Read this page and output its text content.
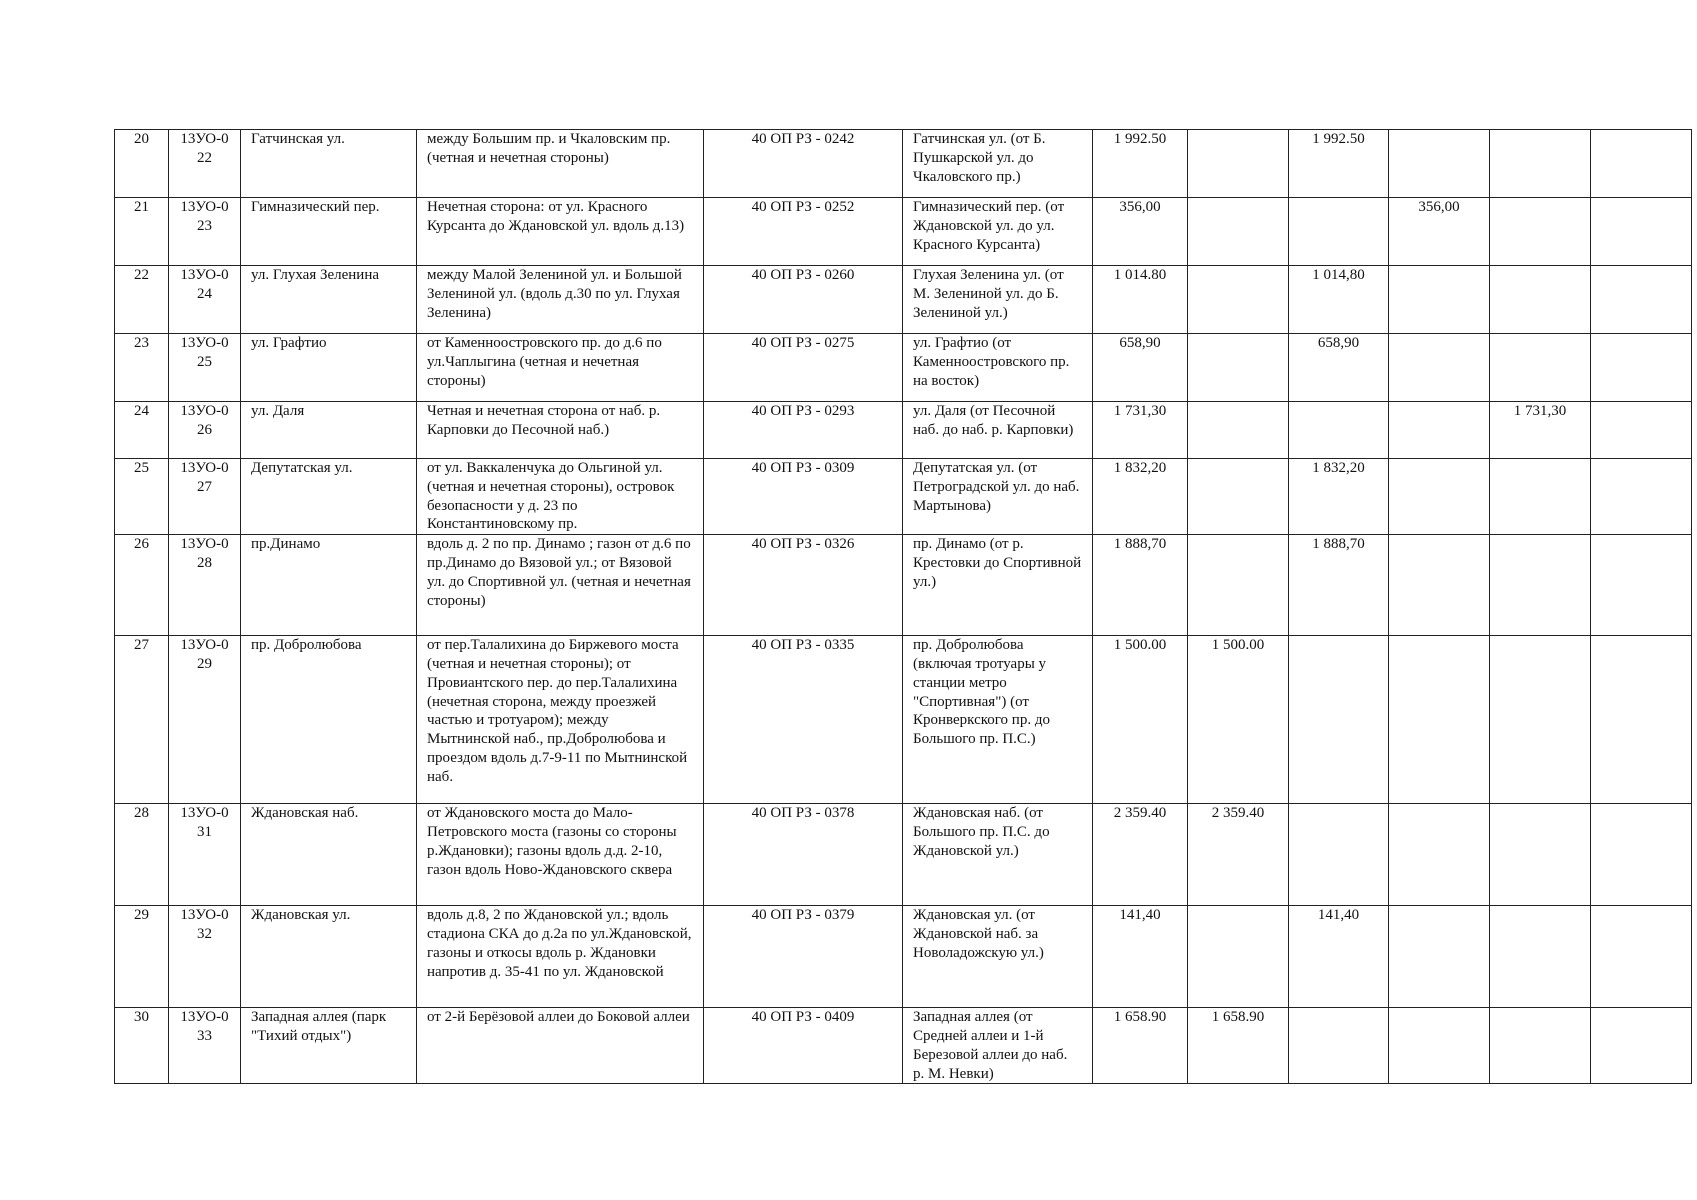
20	13УО-022	Гатчинская ул.	между Большим пр. и Чкаловским пр.(четная и нечетная стороны)	40 ОП РЗ - 0242	Гатчинская ул. (от Б. Пушкарской ул. до Чкаловского пр.)	1 992.50		1 992.50			
21	13УО-023	Гимназический пер.	Нечетная сторона: от ул. Красного Курсанта до Ждановской ул. вдоль д.13)	40 ОП РЗ - 0252	Гимназический пер. (от Ждановской ул. до ул. Красного Курсанта)	356,00			356,00		
22	13УО-024	ул. Глухая Зеленина	между Малой Зелениной ул. и Большой Зелениной ул. (вдоль д.30 по ул. Глухая Зеленина)	40 ОП РЗ - 0260	Глухая Зеленина ул. (от М. Зелениной ул. до Б. Зелениной ул.)	1 014.80		1 014,80			
23	13УО-025	ул. Графтио	от Каменноостровского пр. до д.6 по ул.Чаплыгина (четная и нечетная стороны)	40 ОП РЗ - 0275	ул. Графтио (от Каменноостровского пр. на восток)	658,90		658,90			
24	13УО-026	ул. Даля	Четная и нечетная сторона от наб. р. Карповки до Песочной наб.)	40 ОП РЗ - 0293	ул. Даля (от Песочной наб. до наб. р. Карповки)	1 731,30				1 731,30	
25	13УО-027	Депутатская ул.	от ул. Ваккаленчука до Ольгиной ул. (четная и нечетная стороны), островок безопасности у д. 23 по Константиновскому пр.	40 ОП РЗ - 0309	Депутатская ул. (от Петроградской ул. до наб. Мартынова)	1 832,20		1 832,20			
26	13УО-028	пр.Динамо	вдоль д. 2 по пр. Динамо ; газон от д.6 по пр.Динамо до Вязовой ул.; от Вязовой ул. до Спортивной ул. (четная и нечетная стороны)	40 ОП РЗ - 0326	пр. Динамо (от р. Крестовки до Спортивной ул.)	1 888,70		1 888,70			
27	13УО-029	пр. Добролюбова	от пер.Талалихина до Биржевого моста (четная и нечетная стороны); от Провиантского пер. до пер.Талалихина (нечетная сторона, между проезжей частью и тротуаром); между Мытнинской наб., пр.Добролюбова и проездом вдоль д.7-9-11 по Мытнинской наб.	40 ОП РЗ - 0335	пр. Добролюбова (включая тротуары у станции метро "Спортивная") (от Кронверкского пр. до Большого пр. П.С.)	1 500.00	1 500.00				
28	13УО-031	Ждановская наб.	от Ждановского моста до Мало-Петровского моста (газоны со стороны р.Ждановки); газоны вдоль д.д. 2-10, газон вдоль Ново-Ждановского сквера	40 ОП РЗ - 0378	Ждановская наб. (от Большого пр. П.С. до Ждановской ул.)	2 359.40	2 359.40				
29	13УО-032	Ждановская ул.	вдоль д.8, 2 по Ждановской ул.; вдоль стадиона СКА до д.2а по ул.Ждановской, газоны и откосы вдоль р. Ждановки напротив д. 35-41 по ул. Ждановской	40 ОП РЗ - 0379	Ждановская ул. (от Ждановской наб. за Новоладожскую ул.)	141,40		141,40			
30	13УО-033	Западная аллея (парк "Тихий отдых")	от 2-й Берёзовой аллеи до Боковой аллеи	40 ОП РЗ - 0409	Западная аллея (от Средней аллеи и 1-й Березовой аллеи до наб. р. М. Невки)	1 658.90	1 658.90				
